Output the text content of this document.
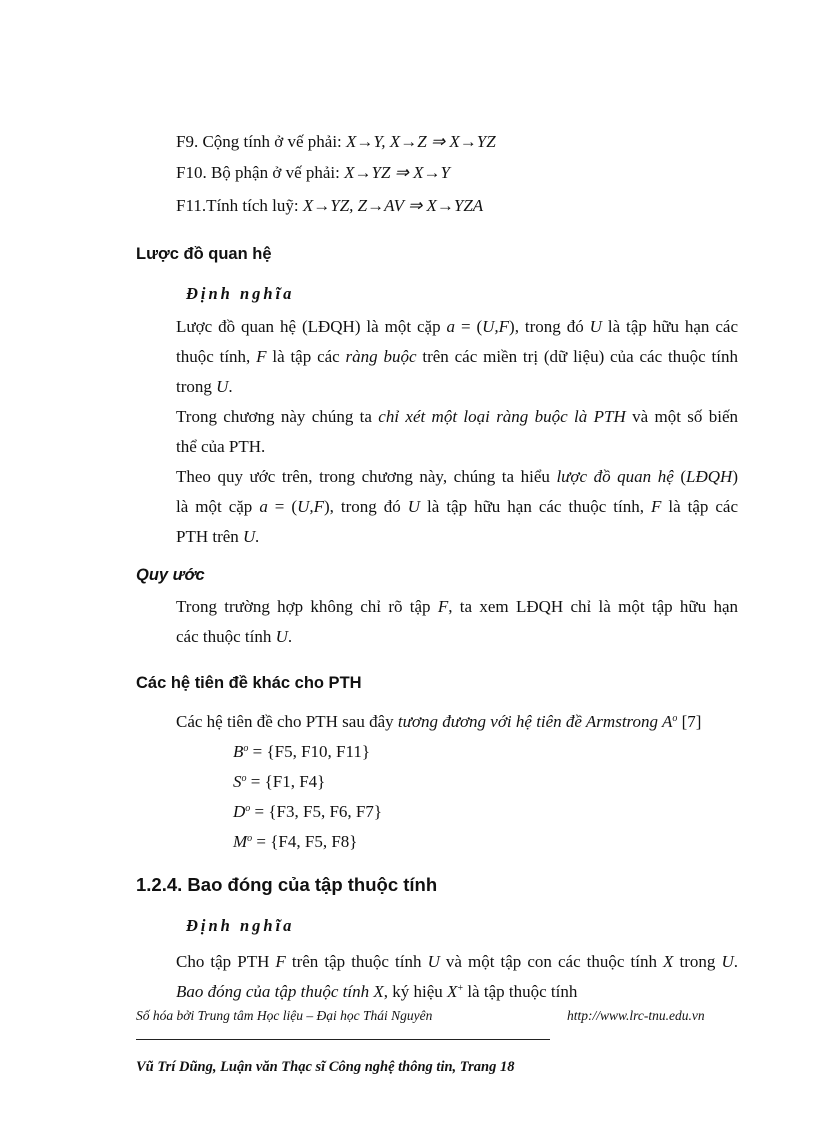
F9. Cộng tính ở vế phải: X→Y, X→Z ⇒ X→YZ
F10. Bộ phận ở vế phải: X→YZ ⇒ X→Y
F11.Tính tích luỹ: X→YZ, Z→AV ⇒ X→YZA
Lược đồ quan hệ
Định nghĩa
Lược đồ quan hệ (LĐQH) là một cặp a = (U,F), trong đó U là tập hữu hạn các
thuộc tính, F là tập các ràng buộc trên các miền trị (dữ liệu) của các thuộc tính
trong U.
Trong chương này chúng ta chỉ xét một loại ràng buộc là PTH và một số biến
thể của PTH.
Theo quy ước trên, trong chương này, chúng ta hiểu lược đồ quan hệ (LĐQH)
là một cặp a = (U,F), trong đó U là tập hữu hạn các thuộc tính, F là tập các
PTH trên U.
Quy ước
Trong trường hợp không chỉ rõ tập F, ta xem LĐQH chỉ là một tập hữu hạn
các thuộc tính U.
Các hệ tiên đề khác cho PTH
Các hệ tiên đề cho PTH sau đây tương đương với hệ tiên đề Armstrong $A^o$ [7]
$B^o = \{F5$, F10, F11}
$S^o = \{F1$, F4}
$D^o = \{F3$, F5, F6, F7}
$M^o = \{F4$, F5, F8}
1.2.4. Bao đóng của tập thuộc tính
Định nghĩa
Cho tập PTH F trên tập thuộc tính U và một tập con các thuộc tính X trong U.
Bao đóng của tập thuộc tính X, ký hiệu X+ là tập thuộc tính
Số hóa bởi Trung tâm Học liệu – Đại học Thái Nguyên	http://www.lrc-tnu.edu.vn
Vũ Trí Dũng, Luận văn Thạc sĩ Công nghệ thông tin, Trang 18
